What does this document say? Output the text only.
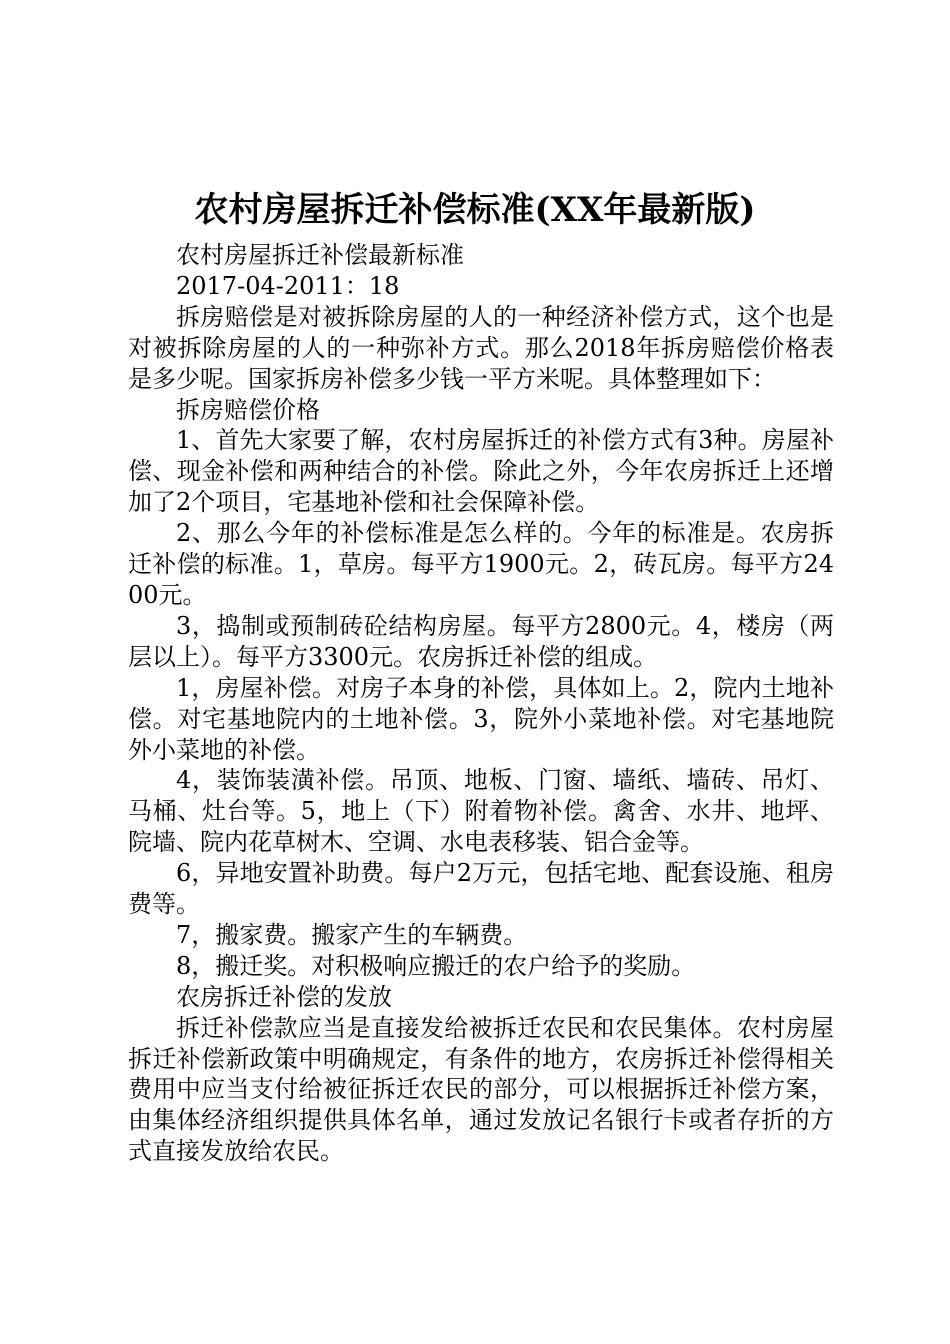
农村房屋拆迁补偿标准(XX年最新版)

农村房屋拆迁补偿最新标准

2017-04-2011：18

拆房赔偿是对被拆除房屋的人的一种经济补偿方式，这个也是对被拆除房屋的人的一种弥补方式。那么2018年拆房赔偿价格表是多少呢。国家拆房补偿多少钱一平方米呢。具体整理如下：

拆房赔偿价格

1、首先大家要了解，农村房屋拆迁的补偿方式有3种。房屋补偿、现金补偿和两种结合的补偿。除此之外，今年农房拆迁上还增加了2个项目，宅基地补偿和社会保障补偿。

2、那么今年的补偿标准是怎么样的。今年的标准是。农房拆迁补偿的标准。1，草房。每平方1900元。2，砖瓦房。每平方2400元。

3，捣制或预制砖砼结构房屋。每平方2800元。4，楼房（两层以上）。每平方3300元。农房拆迁补偿的组成。

1，房屋补偿。对房子本身的补偿，具体如上。2，院内土地补偿。对宅基地院内的土地补偿。3，院外小菜地补偿。对宅基地院外小菜地的补偿。

4，装饰装潢补偿。吊顶、地板、门窗、墙纸、墙砖、吊灯、马桶、灶台等。5，地上（下）附着物补偿。禽舍、水井、地坪、院墙、院内花草树木、空调、水电表移装、铝合金等。

6，异地安置补助费。每户2万元，包括宅地、配套设施、租房费等。

7，搬家费。搬家产生的车辆费。

8，搬迁奖。对积极响应搬迁的农户给予的奖励。

农房拆迁补偿的发放

拆迁补偿款应当是直接发给被拆迁农民和农民集体。农村房屋拆迁补偿新政策中明确规定，有条件的地方，农房拆迁补偿得相关费用中应当支付给被征拆迁农民的部分，可以根据拆迁补偿方案，由集体经济组织提供具体名单，通过发放记名银行卡或者存折的方式直接发放给农民。
